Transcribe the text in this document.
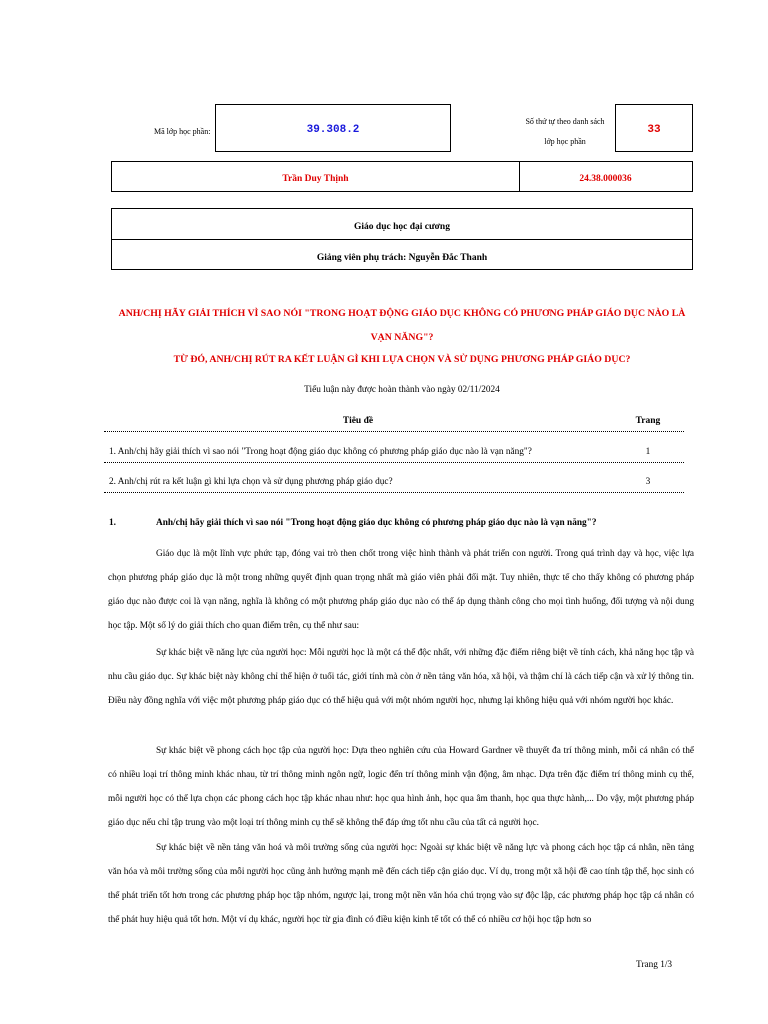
Mã lớp học phần:	39.308.2
Số thứ tự theo danh sách
lớp học phần
33
Trần Duy Thịnh	24.38.000036
Giáo dục học đại cương
Giảng viên phụ trách: Nguyễn Đắc Thanh
ANH/CHỊ HÃY GIẢI THÍCH VÌ SAO NÓI "TRONG HOẠT ĐỘNG GIÁO DỤC KHÔNG CÓ PHƯƠNG PHÁP GIÁO DỤC NÀO LÀ
VẠN NĂNG"?
TỪ ĐÓ, ANH/CHỊ RÚT RA KẾT LUẬN GÌ KHI LỰA CHỌN VÀ SỬ DỤNG PHƯƠNG PHÁP GIÁO DỤC?
Tiểu luận này được hoàn thành vào ngày 02/11/2024
Tiêu đề	Trang
1. Anh/chị hãy giải thích vì sao nói "Trong hoạt động giáo dục không có phương pháp giáo dục nào là vạn năng"?	1
2. Anh/chị rút ra kết luận gì khi lựa chọn và sử dụng phương pháp giáo dục?	3
1.	Anh/chị hãy giải thích vì sao nói "Trong hoạt động giáo dục không có phương pháp giáo dục nào là vạn năng"?
Giáo dục là một lĩnh vực phức tạp, đóng vai trò then chốt trong việc hình thành và phát triển con người. Trong quá trình dạy và học, việc lựa chọn phương pháp giáo dục là một trong những quyết định quan trọng nhất mà giáo viên phải đối mặt. Tuy nhiên, thực tế cho thấy không có phương pháp giáo dục nào được coi là vạn năng, nghĩa là không có một phương pháp giáo dục nào có thể áp dụng thành công cho mọi tình huống, đối tượng và nội dung học tập. Một số lý do giải thích cho quan điểm trên, cụ thể như sau:
Sự khác biệt về năng lực của người học: Mỗi người học là một cá thể độc nhất, với những đặc điểm riêng biệt về tính cách, khả năng học tập và nhu cầu giáo dục. Sự khác biệt này không chỉ thể hiện ở tuổi tác, giới tính mà còn ở nền tảng văn hóa, xã hội, và thậm chí là cách tiếp cận và xử lý thông tin. Điều này đồng nghĩa với việc một phương pháp giáo dục có thể hiệu quả với một nhóm người học, nhưng lại không hiệu quả với nhóm người học khác.
Sự khác biệt về phong cách học tập của người học: Dựa theo nghiên cứu của Howard Gardner về thuyết đa trí thông minh, mỗi cá nhân có thể có nhiều loại trí thông minh khác nhau, từ trí thông minh ngôn ngữ, logic đến trí thông minh vận động, âm nhạc. Dựa trên đặc điểm trí thông minh cụ thể, mỗi người học có thể lựa chọn các phong cách học tập khác nhau như: học qua hình ảnh, học qua âm thanh, học qua thực hành,... Do vậy, một phương pháp giáo dục nếu chỉ tập trung vào một loại trí thông minh cụ thể sẽ không thể đáp ứng tốt nhu cầu của tất cả người học.
Sự khác biệt về nền tảng văn hoá và môi trường sống của người học: Ngoài sự khác biệt về năng lực và phong cách học tập cá nhân, nền tảng văn hóa và môi trường sống của mỗi người học cũng ảnh hưởng mạnh mẽ đến cách tiếp cận giáo dục. Ví dụ, trong một xã hội đề cao tính tập thể, học sinh có thể phát triển tốt hơn trong các phương pháp học tập nhóm, ngược lại, trong một nền văn hóa chú trọng vào sự độc lập, các phương pháp học tập cá nhân có thể phát huy hiệu quả tốt hơn. Một ví dụ khác, người học từ gia đình có điều kiện kinh tế tốt có thể có nhiều cơ hội học tập hơn so
Trang 1/3
